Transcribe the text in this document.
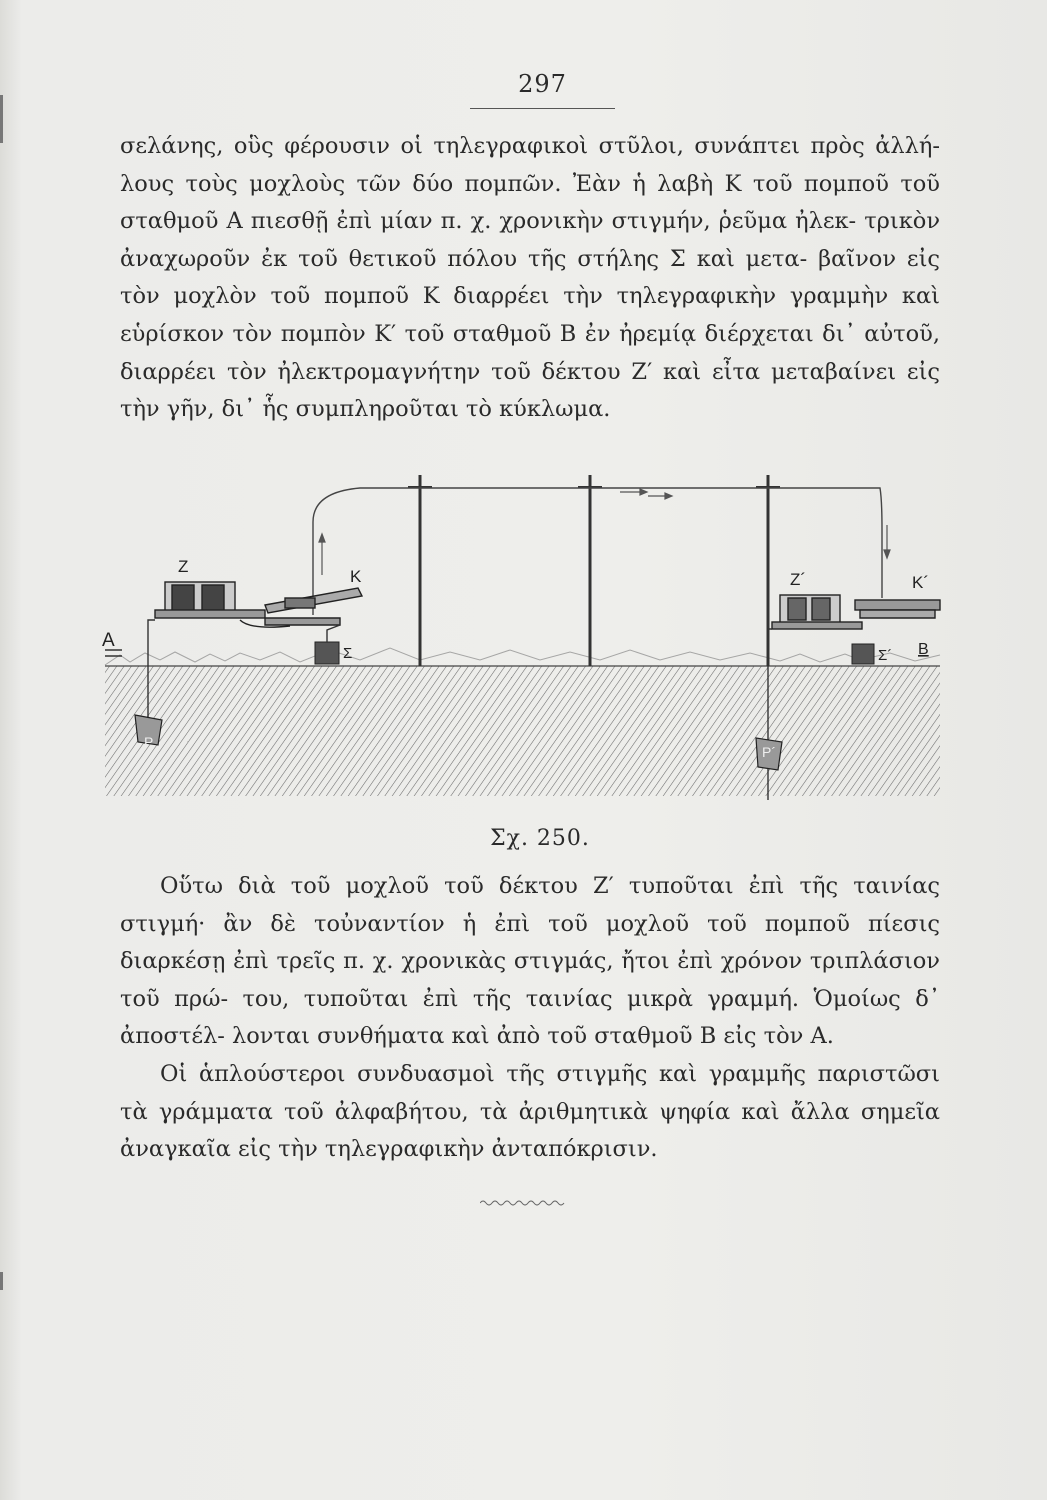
297
σελάνης, οὓς φέρουσιν οἱ τηλεγραφικοὶ στῦλοι, συνάπτει πρὸς ἀλλή- λους τοὺς μοχλοὺς τῶν δύο πομπῶν. Ἐὰν ἡ λαβὴ Κ τοῦ πομποῦ τοῦ σταθμοῦ Α πιεσθῇ ἐπὶ μίαν π. χ. χρονικὴν στιγμήν, ῥεῦμα ἠλεκ- τρικὸν ἀναχωροῦν ἐκ τοῦ θετικοῦ πόλου τῆς στήλης Σ καὶ μετα- βαῖνον εἰς τὸν μοχλὸν τοῦ πομποῦ Κ διαρρέει τὴν τηλεγραφικὴν γραμμὴν καὶ εὑρίσκον τὸν πομπὸν Κ′ τοῦ σταθμοῦ Β ἐν ἠρεμίᾳ διέρχεται δι᾽ αὐτοῦ, διαρρέει τὸν ἠλεκτρομαγνήτην τοῦ δέκτου Ζ′ καὶ εἶτα μεταβαίνει εἰς τὴν γῆν, δι᾽ ἧς συμπληροῦται τὸ κύκλωμα.
Z
K
A
Σ
P
Z´	K´
B
Σ´
P´
Σχ. 250.

Οὕτω διὰ τοῦ μοχλοῦ τοῦ δέκτου Ζ′ τυποῦται ἐπὶ τῆς ταινίας στιγμή· ἂν δὲ τοὐναντίον ἡ ἐπὶ τοῦ μοχλοῦ τοῦ πομποῦ πίεσις διαρκέσῃ ἐπὶ τρεῖς π. χ. χρονικὰς στιγμάς, ἤτοι ἐπὶ χρόνον τριπλάσιον τοῦ πρώ- του, τυποῦται ἐπὶ τῆς ταινίας μικρὰ γραμμή. Ὁμοίως δ᾽ ἀποστέλ- λονται συνθήματα καὶ ἀπὸ τοῦ σταθμοῦ Β εἰς τὸν Α.

Οἱ ἁπλούστεροι συνδυασμοὶ τῆς στιγμῆς καὶ γραμμῆς παριστῶσι τὰ γράμματα τοῦ ἀλφαβήτου, τὰ ἀριθμητικὰ ψηφία καὶ ἄλλα σημεῖα ἀναγκαῖα εἰς τὴν τηλεγραφικὴν ἀνταπόκρισιν.
